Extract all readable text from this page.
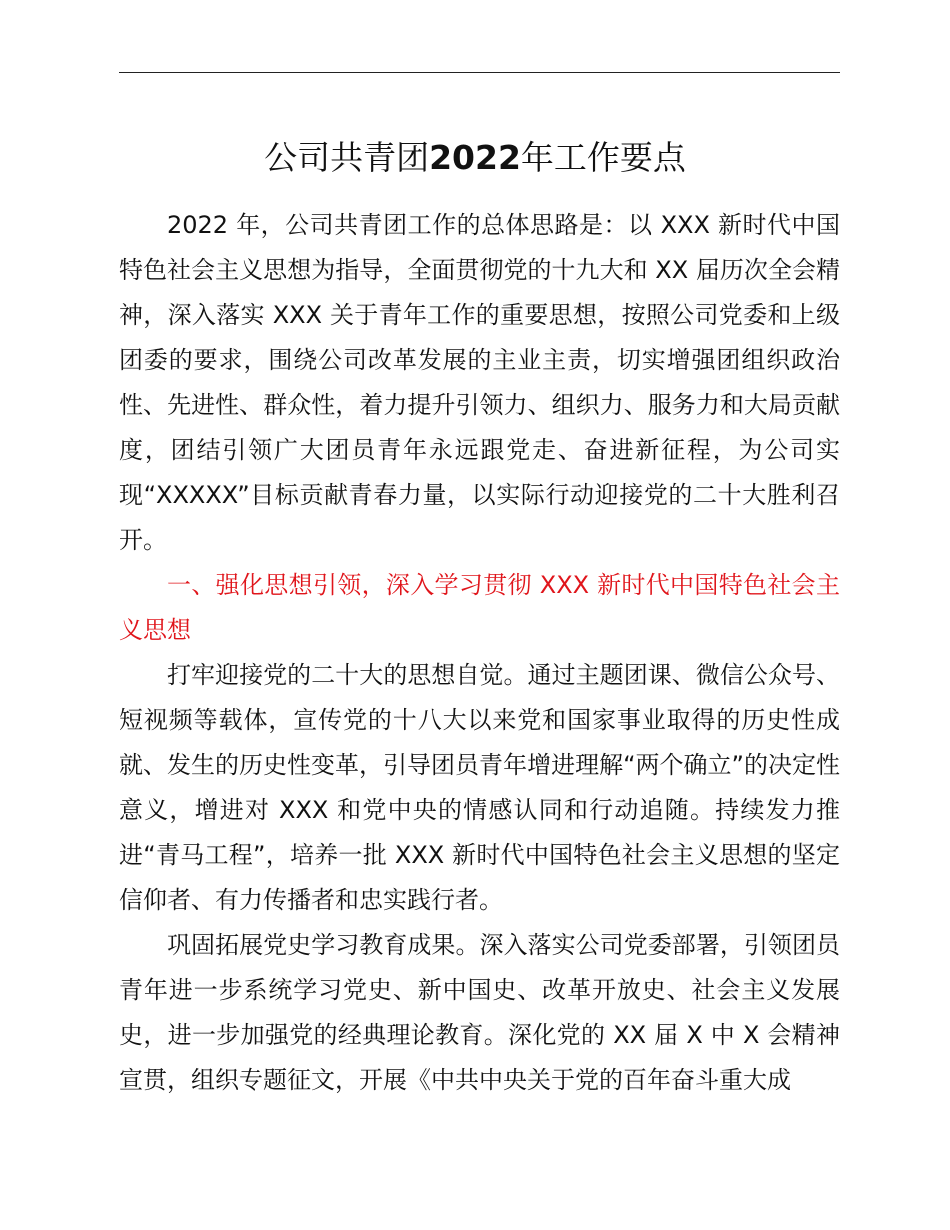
公司共青团2022年工作要点

2022 年，公司共青团工作的总体思路是：以 XXX 新时代中国特色社会主义思想为指导，全面贯彻党的十九大和 XX 届历次全会精神，深入落实 XXX 关于青年工作的重要思想，按照公司党委和上级团委的要求，围绕公司改革发展的主业主责，切实增强团组织政治性、先进性、群众性，着力提升引领力、组织力、服务力和大局贡献度，团结引领广大团员青年永远跟党走、奋进新征程，为公司实现“XXXXX”目标贡献青春力量，以实际行动迎接党的二十大胜利召开。

一、强化思想引领，深入学习贯彻 XXX 新时代中国特色社会主义思想

打牢迎接党的二十大的思想自觉。通过主题团课、微信公众号、短视频等载体，宣传党的十八大以来党和国家事业取得的历史性成就、发生的历史性变革，引导团员青年增进理解“两个确立”的决定性意义，增进对 XXX 和党中央的情感认同和行动追随。持续发力推进“青马工程”，培养一批 XXX 新时代中国特色社会主义思想的坚定信仰者、有力传播者和忠实践行者。

巩固拓展党史学习教育成果。深入落实公司党委部署，引领团员青年进一步系统学习党史、新中国史、改革开放史、社会主义发展史，进一步加强党的经典理论教育。深化党的 XX 届 X 中 X 会精神宣贯，组织专题征文，开展《中共中央关于党的百年奋斗重大成
